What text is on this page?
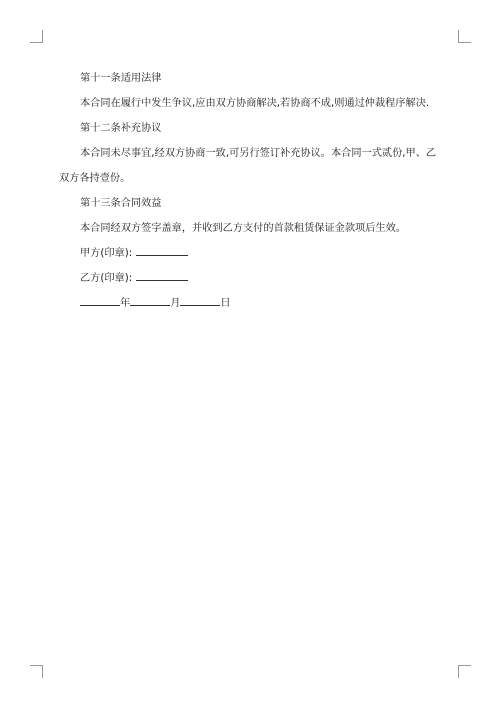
第十一条适用法律

本合同在履行中发生争议,应由双方协商解决,若协商不成,则通过仲裁程序解决.

第十二条补充协议

本合同未尽事宜,经双方协商一致,可另行签订补充协议。本合同一式贰份,甲、乙双方各持壹份。

第十三条合同效益

本合同经双方签字盖章，并收到乙方支付的首款租赁保证金款项后生效。

甲方(印章):

乙方(印章):

年	月	日
